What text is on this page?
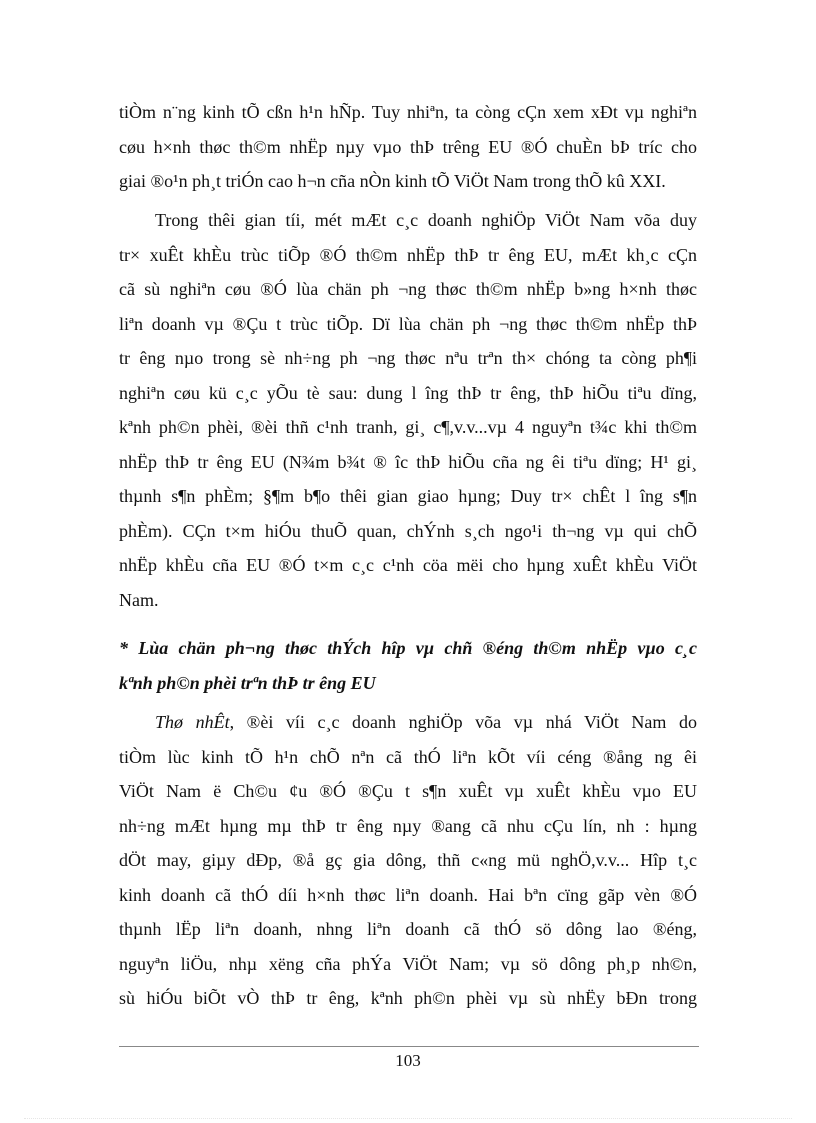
tiÒm n¨ng kinh tÕ cßn h¹n hÑp. Tuy nhiªn, ta còng cÇn xem xÐt vµ nghiªn
cøu h×nh thøc th©m nhËp nµy vµo thÞ trêng EU ®Ó chuÈn bÞ tríc cho
giai ®o¹n ph¸t triÓn cao h¬n cña nÒn kinh tÕ ViÖt Nam trong thÕ kû XXI.
Trong thêi gian tíi, mét mÆt c¸c doanh nghiÖp ViÖt Nam võa duy
tr× xuÊt khÈu trùc tiÕp ®Ó th©m nhËp thÞ tr êng EU, mÆt kh¸c cÇn
cã sù nghiªn cøu ®Ó lùa chän ph ¬ng thøc th©m nhËp b»ng h×nh thøc
liªn doanh vµ ®Çu t trùc tiÕp. Dï lùa chän ph ¬ng thøc th©m nhËp thÞ
tr êng nµo trong sè nh÷ng ph ¬ng thøc nªu trªn th× chóng ta còng ph¶i
nghiªn cøu kü c¸c yÕu tè sau: dung l îng thÞ tr êng, thÞ hiÕu tiªu dïng,
kªnh ph©n phèi, ®èi thñ c¹nh tranh, gi¸ c¶,v.v...vµ 4 nguyªn t¾c khi th©m
nhËp thÞ tr êng EU (N¾m b¾t ® îc thÞ hiÕu cña ng êi tiªu dïng; H¹ gi¸
thµnh s¶n phÈm; §¶m b¶o thêi gian giao hµng; Duy tr× chÊt l îng s¶n
phÈm). CÇn t×m hiÓu thuÕ quan, chÝnh s¸ch ngo¹i th¬ng vµ qui chÕ
nhËp khÈu cña EU ®Ó t×m c¸c c¹nh cöa mëi cho hµng xuÊt khÈu ViÖt
Nam.
* Lùa chän ph¬ng thøc thÝch hîp vµ chñ ®éng th©m nhËp vµo c¸c
kªnh ph©n phèi trªn thÞ tr êng EU
Thø nhÊt, ®èi víi c¸c doanh nghiÖp võa vµ nhá ViÖt Nam do
tiÒm lùc kinh tÕ h¹n chÕ nªn cã thÓ liªn kÕt víi céng ®ång ng êi
ViÖt Nam ë Ch©u ¢u ®Ó ®Çu t s¶n xuÊt vµ xuÊt khÈu vµo EU
nh÷ng mÆt hµng mµ thÞ tr êng nµy ®ang cã nhu cÇu lín, nh : hµng
dÖt may, giµy dÐp, ®å gç gia dông, thñ c«ng mü nghÖ,v.v... Hîp t¸c
kinh doanh cã thÓ díi h×nh thøc liªn doanh. Hai bªn cïng gãp vèn ®Ó
thµnh lËp liªn doanh, nhng liªn doanh cã thÓ sö dông lao ®éng,
nguyªn liÖu, nhµ xëng cña phÝa ViÖt Nam; vµ sö dông ph¸p nh©n,
sù hiÓu biÕt vÒ thÞ tr êng, kªnh ph©n phèi vµ sù nhËy bÐn trong
103
